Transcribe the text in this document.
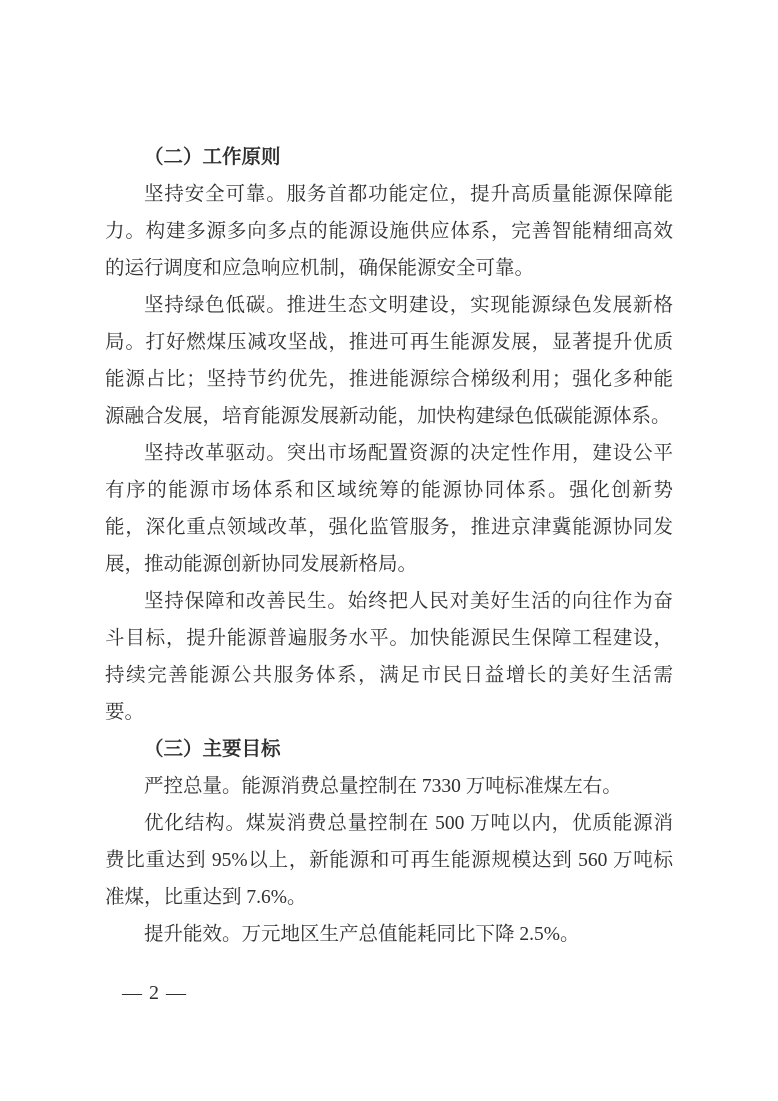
（二）工作原则
坚持安全可靠。服务首都功能定位，提升高质量能源保障能
力。构建多源多向多点的能源设施供应体系，完善智能精细高效
的运行调度和应急响应机制，确保能源安全可靠。
坚持绿色低碳。推进生态文明建设，实现能源绿色发展新格
局。打好燃煤压减攻坚战，推进可再生能源发展，显著提升优质
能源占比；坚持节约优先，推进能源综合梯级利用；强化多种能
源融合发展，培育能源发展新动能，加快构建绿色低碳能源体系。
坚持改革驱动。突出市场配置资源的决定性作用，建设公平
有序的能源市场体系和区域统筹的能源协同体系。强化创新势
能，深化重点领域改革，强化监管服务，推进京津冀能源协同发
展，推动能源创新协同发展新格局。
坚持保障和改善民生。始终把人民对美好生活的向往作为奋
斗目标，提升能源普遍服务水平。加快能源民生保障工程建设，
持续完善能源公共服务体系，满足市民日益增长的美好生活需
要。
（三）主要目标
严控总量。能源消费总量控制在 7330 万吨标准煤左右。
优化结构。煤炭消费总量控制在 500 万吨以内，优质能源消
费比重达到 95%以上，新能源和可再生能源规模达到 560 万吨标
准煤，比重达到 7.6%。
提升能效。万元地区生产总值能耗同比下降 2.5%。
— 2 —
